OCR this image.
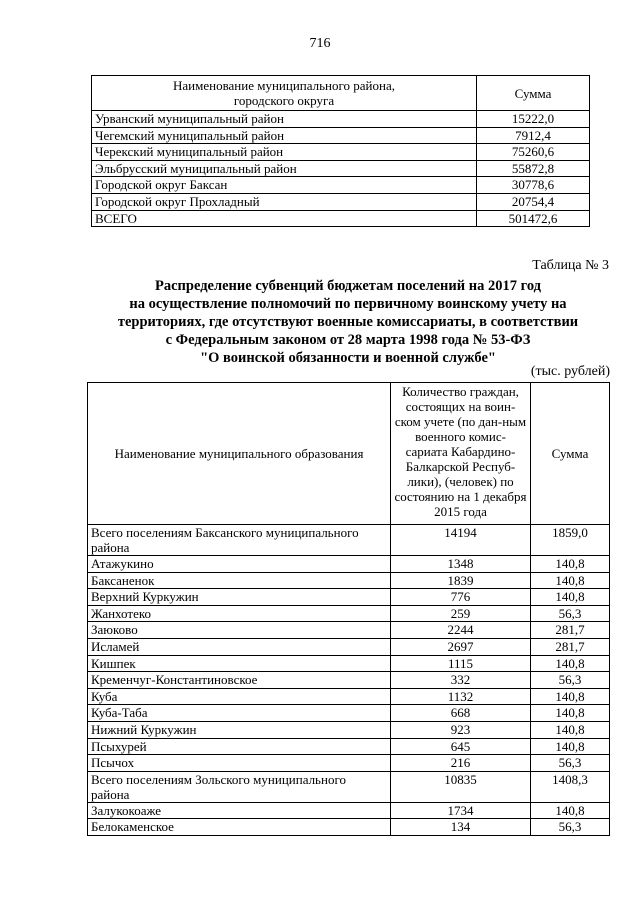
716
Наименование муниципального района, городского округа	Сумма
Урванский муниципальный район	15222,0
Чегемский муниципальный район	7912,4
Черекский муниципальный район	75260,6
Эльбрусский муниципальный район	55872,8
Городской округ Баксан	30778,6
Городской округ Прохладный	20754,4
ВСЕГО	501472,6
Таблица № 3
Распределение субвенций бюджетам поселений на 2017 год
на осуществление полномочий по первичному воинскому учету на
территориях, где отсутствуют военные комиссариаты, в соответствии
с Федеральным законом от 28 марта 1998 года № 53-ФЗ
"О воинской обязанности и военной службе"
(тыс. рублей)
Наименование муниципального образования	Количество граждан, состоящих на воин-ском учете (по дан-ным военного комис-сариата Кабардино-Балкарской Респуб-лики), (человек) по состоянию на 1 декабря 2015 года	Сумма
Всего поселениям Баксанского муниципального района	14194	1859,0
Атажукино	1348	140,8
Баксаненок	1839	140,8
Верхний Куркужин	776	140,8
Жанхотеко	259	56,3
Заюково	2244	281,7
Исламей	2697	281,7
Кишпек	1115	140,8
Кременчуг-Константиновское	332	56,3
Куба	1132	140,8
Куба-Таба	668	140,8
Нижний Куркужин	923	140,8
Псыхурей	645	140,8
Псычох	216	56,3
Всего поселениям Зольского муниципального района	10835	1408,3
Залукокоаже	1734	140,8
Белокаменское	134	56,3
